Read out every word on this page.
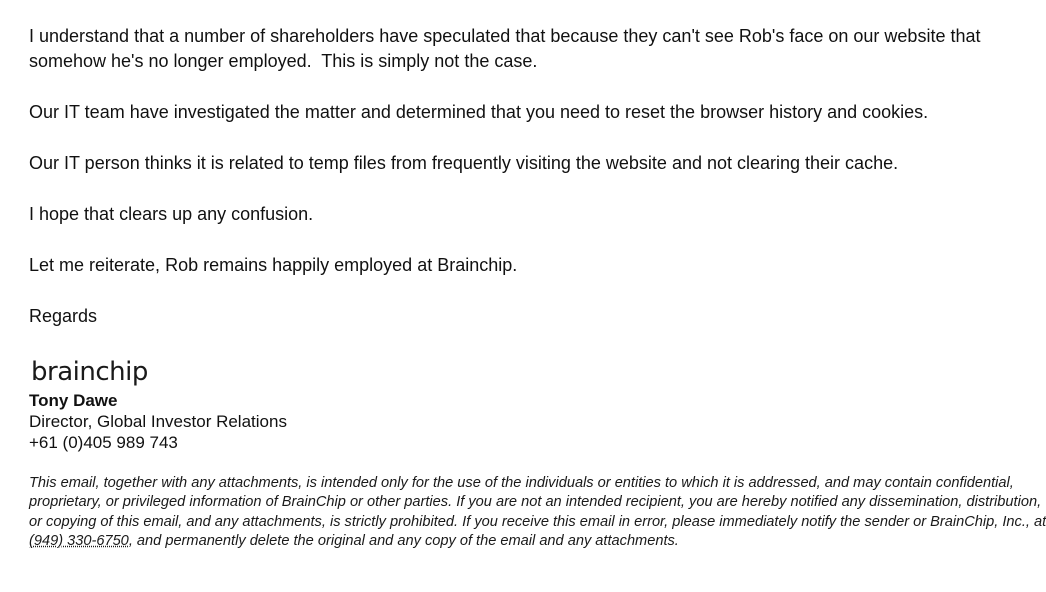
I understand that a number of shareholders have speculated that because they can't see Rob's face on our website that somehow he's no longer employed.  This is simply not the case.

Our IT team have investigated the matter and determined that you need to reset the browser history and cookies.

Our IT person thinks it is related to temp files from frequently visiting the website and not clearing their cache.

I hope that clears up any confusion.

Let me reiterate, Rob remains happily employed at Brainchip.

Regards

brainchip
Tony Dawe
Director, Global Investor Relations
+61 (0)405 989 743
This email, together with any attachments, is intended only for the use of the individuals or entities to which it is addressed, and may contain confidential, proprietary, or privileged information of BrainChip or other parties. If you are not an intended recipient, you are hereby notified any dissemination, distribution, or copying of this email, and any attachments, is strictly prohibited. If you receive this email in error, please immediately notify the sender or BrainChip, Inc., at (949) 330-6750, and permanently delete the original and any copy of the email and any attachments.
